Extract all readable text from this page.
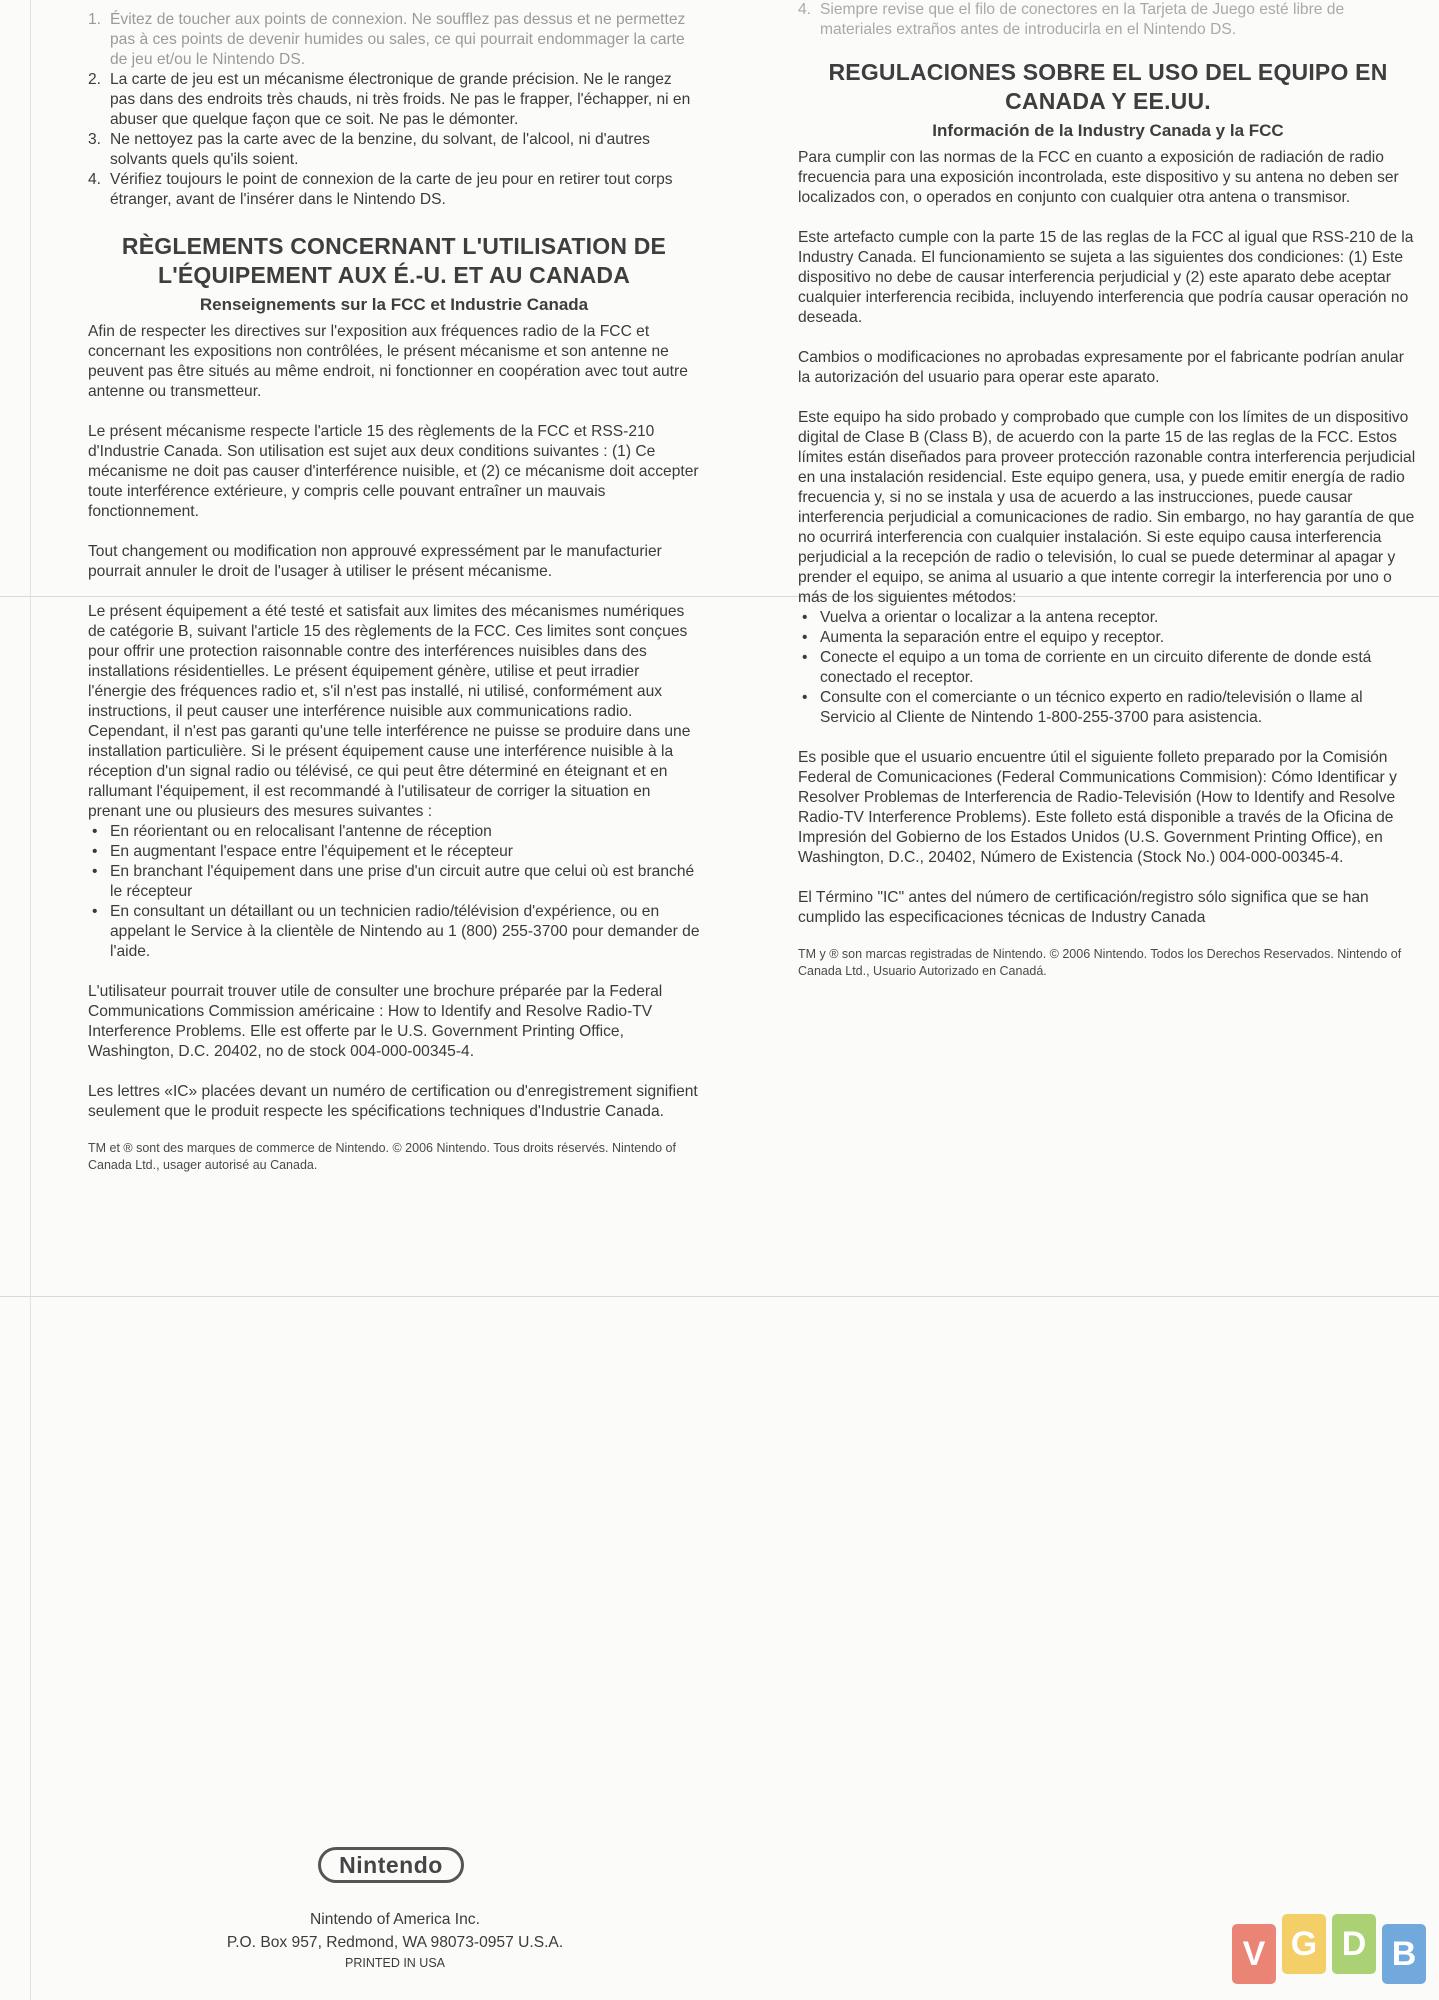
1. Évitez de toucher aux points de connexion. Ne soufflez pas dessus et ne permettez pas à ces points de devenir humides ou sales, ce qui pourrait endommager la carte de jeu et/ou le Nintendo DS.
2. La carte de jeu est un mécanisme électronique de grande précision. Ne le rangez pas dans des endroits très chauds, ni très froids. Ne pas le frapper, l'échapper, ni en abuser que quelque façon que ce soit. Ne pas le démonter.
3. Ne nettoyez pas la carte avec de la benzine, du solvant, de l'alcool, ni d'autres solvants quels qu'ils soient.
4. Vérifiez toujours le point de connexion de la carte de jeu pour en retirer tout corps étranger, avant de l'insérer dans le Nintendo DS.
RÈGLEMENTS CONCERNANT L'UTILISATION DE L'ÉQUIPEMENT AUX É.-U. ET AU CANADA
Renseignements sur la FCC et Industrie Canada

Afin de respecter les directives sur l'exposition aux fréquences radio de la FCC et concernant les expositions non contrôlées, le présent mécanisme et son antenne ne peuvent pas être situés au même endroit, ni fonctionner en coopération avec tout autre antenne ou transmetteur.

Le présent mécanisme respecte l'article 15 des règlements de la FCC et RSS-210 d'Industrie Canada. Son utilisation est sujet aux deux conditions suivantes : (1) Ce mécanisme ne doit pas causer d'interférence nuisible, et (2) ce mécanisme doit accepter toute interférence extérieure, y compris celle pouvant entraîner un mauvais fonctionnement.

Tout changement ou modification non approuvé expressément par le manufacturier pourrait annuler le droit de l'usager à utiliser le présent mécanisme.

Le présent équipement a été testé et satisfait aux limites des mécanismes numériques de catégorie B, suivant l'article 15 des règlements de la FCC. Ces limites sont conçues pour offrir une protection raisonnable contre des interférences nuisibles dans des installations résidentielles. Le présent équipement génère, utilise et peut irradier l'énergie des fréquences radio et, s'il n'est pas installé, ni utilisé, conformément aux instructions, il peut causer une interférence nuisible aux communications radio. Cependant, il n'est pas garanti qu'une telle interférence ne puisse se produire dans une installation particulière. Si le présent équipement cause une interférence nuisible à la réception d'un signal radio ou télévisé, ce qui peut être déterminé en éteignant et en rallumant l'équipement, il est recommandé à l'utilisateur de corriger la situation en prenant une ou plusieurs des mesures suivantes :

• En réorientant ou en relocalisant l'antenne de réception
• En augmentant l'espace entre l'équipement et le récepteur
• En branchant l'équipement dans une prise d'un circuit autre que celui où est branché le récepteur
• En consultant un détaillant ou un technicien radio/télévision d'expérience, ou en appelant le Service à la clientèle de Nintendo au 1 (800) 255-3700 pour demander de l'aide.

L'utilisateur pourrait trouver utile de consulter une brochure préparée par la Federal Communications Commission américaine : How to Identify and Resolve Radio-TV Interference Problems. Elle est offerte par le U.S. Government Printing Office, Washington, D.C. 20402, no de stock 004-000-00345-4.

Les lettres «IC» placées devant un numéro de certification ou d'enregistrement signifient seulement que le produit respecte les spécifications techniques d'Industrie Canada.

TM et ® sont des marques de commerce de Nintendo. © 2006 Nintendo. Tous droits réservés. Nintendo of Canada Ltd., usager autorisé au Canada.

4. Siempre revise que el filo de conectores en la Tarjeta de Juego esté libre de materiales extraños antes de introducirla en el Nintendo DS.
REGULACIONES SOBRE EL USO DEL EQUIPO EN CANADA Y EE.UU.
Información de la Industry Canada y la FCC

Para cumplir con las normas de la FCC en cuanto a exposición de radiación de radio frecuencia para una exposición incontrolada, este dispositivo y su antena no deben ser localizados con, o operados en conjunto con cualquier otra antena o transmisor.

Este artefacto cumple con la parte 15 de las reglas de la FCC al igual que RSS-210 de la Industry Canada. El funcionamiento se sujeta a las siguientes dos condiciones: (1) Este dispositivo no debe de causar interferencia perjudicial y (2) este aparato debe aceptar cualquier interferencia recibida, incluyendo interferencia que podría causar operación no deseada.

Cambios o modificaciones no aprobadas expresamente por el fabricante podrían anular la autorización del usuario para operar este aparato.

Este equipo ha sido probado y comprobado que cumple con los límites de un dispositivo digital de Clase B (Class B), de acuerdo con la parte 15 de las reglas de la FCC. Estos límites están diseñados para proveer protección razonable contra interferencia perjudicial en una instalación residencial. Este equipo genera, usa, y puede emitir energía de radio frecuencia y, si no se instala y usa de acuerdo a las instrucciones, puede causar interferencia perjudicial a comunicaciones de radio. Sin embargo, no hay garantía de que no ocurrirá interferencia con cualquier instalación. Si este equipo causa interferencia perjudicial a la recepción de radio o televisión, lo cual se puede determinar al apagar y prender el equipo, se anima al usuario a que intente corregir la interferencia por uno o más de los siguientes métodos:

• Vuelva a orientar o localizar a la antena receptor.
• Aumenta la separación entre el equipo y receptor.
• Conecte el equipo a un toma de corriente en un circuito diferente de donde está conectado el receptor.
• Consulte con el comerciante o un técnico experto en radio/televisión o llame al Servicio al Cliente de Nintendo 1-800-255-3700 para asistencia.

Es posible que el usuario encuentre útil el siguiente folleto preparado por la Comisión Federal de Comunicaciones (Federal Communications Commision): Cómo Identificar y Resolver Problemas de Interferencia de Radio-Televisión (How to Identify and Resolve Radio-TV Interference Problems). Este folleto está disponible a través de la Oficina de Impresión del Gobierno de los Estados Unidos (U.S. Government Printing Office), en Washington, D.C., 20402, Número de Existencia (Stock No.) 004-000-00345-4.

El Término "IC" antes del número de certificación/registro sólo significa que se han cumplido las especificaciones técnicas de Industry Canada

TM y ® son marcas registradas de Nintendo. © 2006 Nintendo. Todos los Derechos Reservados. Nintendo of Canada Ltd., Usuario Autorizado en Canadá.

Nintendo
Nintendo of America Inc.
P.O. Box 957, Redmond, WA 98073-0957 U.S.A.
PRINTED IN USA	V G D B
